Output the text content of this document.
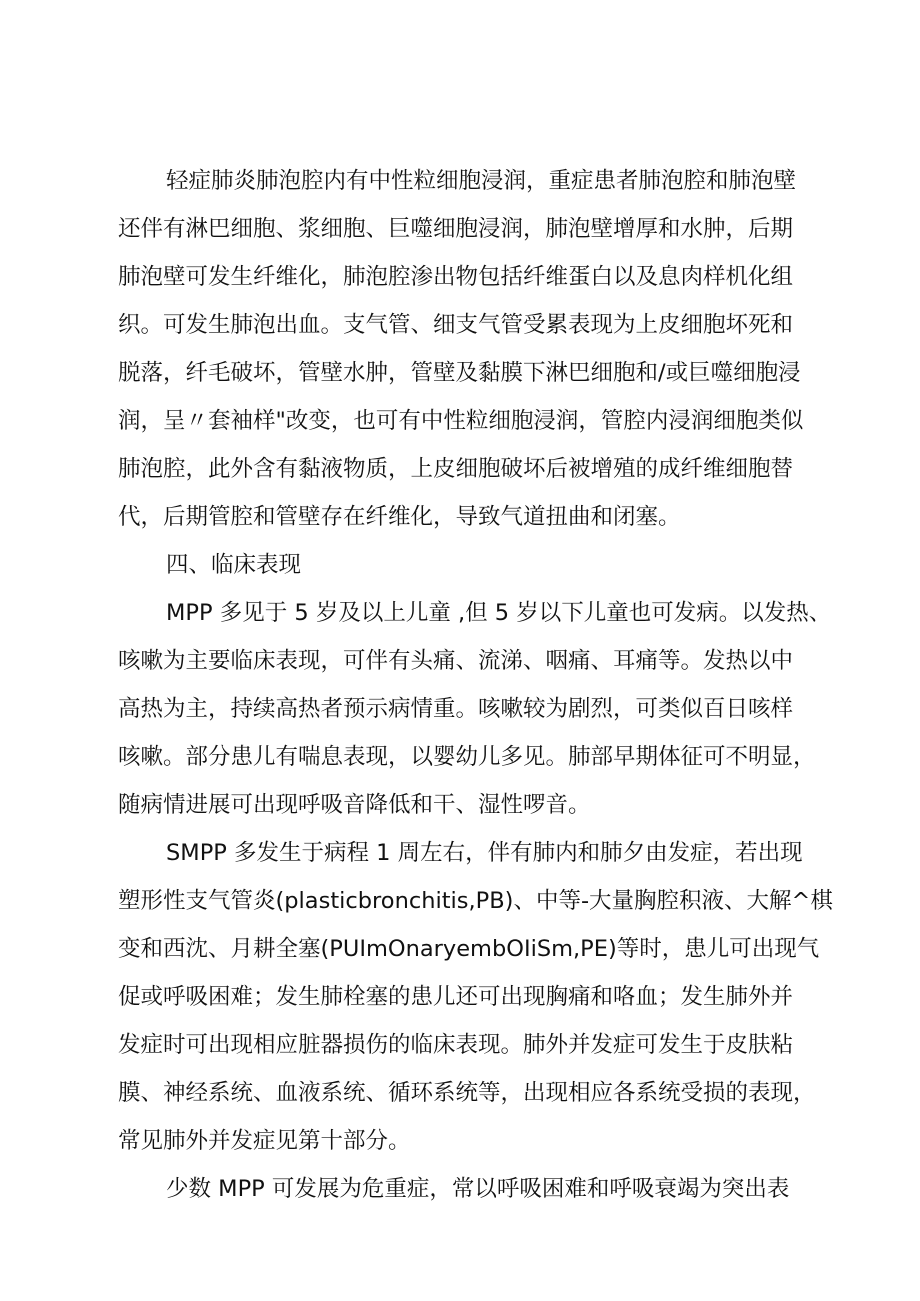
轻症肺炎肺泡腔内有中性粒细胞浸润，重症患者肺泡腔和肺泡壁
还伴有淋巴细胞、浆细胞、巨噬细胞浸润，肺泡壁增厚和水肿，后期
肺泡壁可发生纤维化，肺泡腔渗出物包括纤维蛋白以及息肉样机化组
织。可发生肺泡出血。支气管、细支气管受累表现为上皮细胞坏死和
脱落，纤毛破坏，管壁水肿，管壁及黏膜下淋巴细胞和/或巨噬细胞浸
润，呈〃套袖样"改变，也可有中性粒细胞浸润，管腔内浸润细胞类似
肺泡腔，此外含有黏液物质，上皮细胞破坏后被增殖的成纤维细胞替
代，后期管腔和管壁存在纤维化，导致气道扭曲和闭塞。
四、临床表现
MPP 多见于 5 岁及以上儿童 ,但 5 岁以下儿童也可发病。以发热、
咳嗽为主要临床表现，可伴有头痛、流涕、咽痛、耳痛等。发热以中
高热为主，持续高热者预示病情重。咳嗽较为剧烈，可类似百日咳样
咳嗽。部分患儿有喘息表现，以婴幼儿多见。肺部早期体征可不明显，
随病情进展可出现呼吸音降低和干、湿性啰音。
SMPP 多发生于病程 1 周左右，伴有肺内和肺夕由发症，若出现
塑形性支气管炎(plasticbronchitis,PB)、中等-大量胸腔积液、大解^棋
变和西沈、月耕全塞(PUImOnaryembOIiSm,PE)等时，患儿可出现气
促或呼吸困难；发生肺栓塞的患儿还可出现胸痛和咯血；发生肺外并
发症时可出现相应脏器损伤的临床表现。肺外并发症可发生于皮肤粘
膜、神经系统、血液系统、循环系统等，出现相应各系统受损的表现，
常见肺外并发症见第十部分。
少数 MPP 可发展为危重症，常以呼吸困难和呼吸衰竭为突出表
